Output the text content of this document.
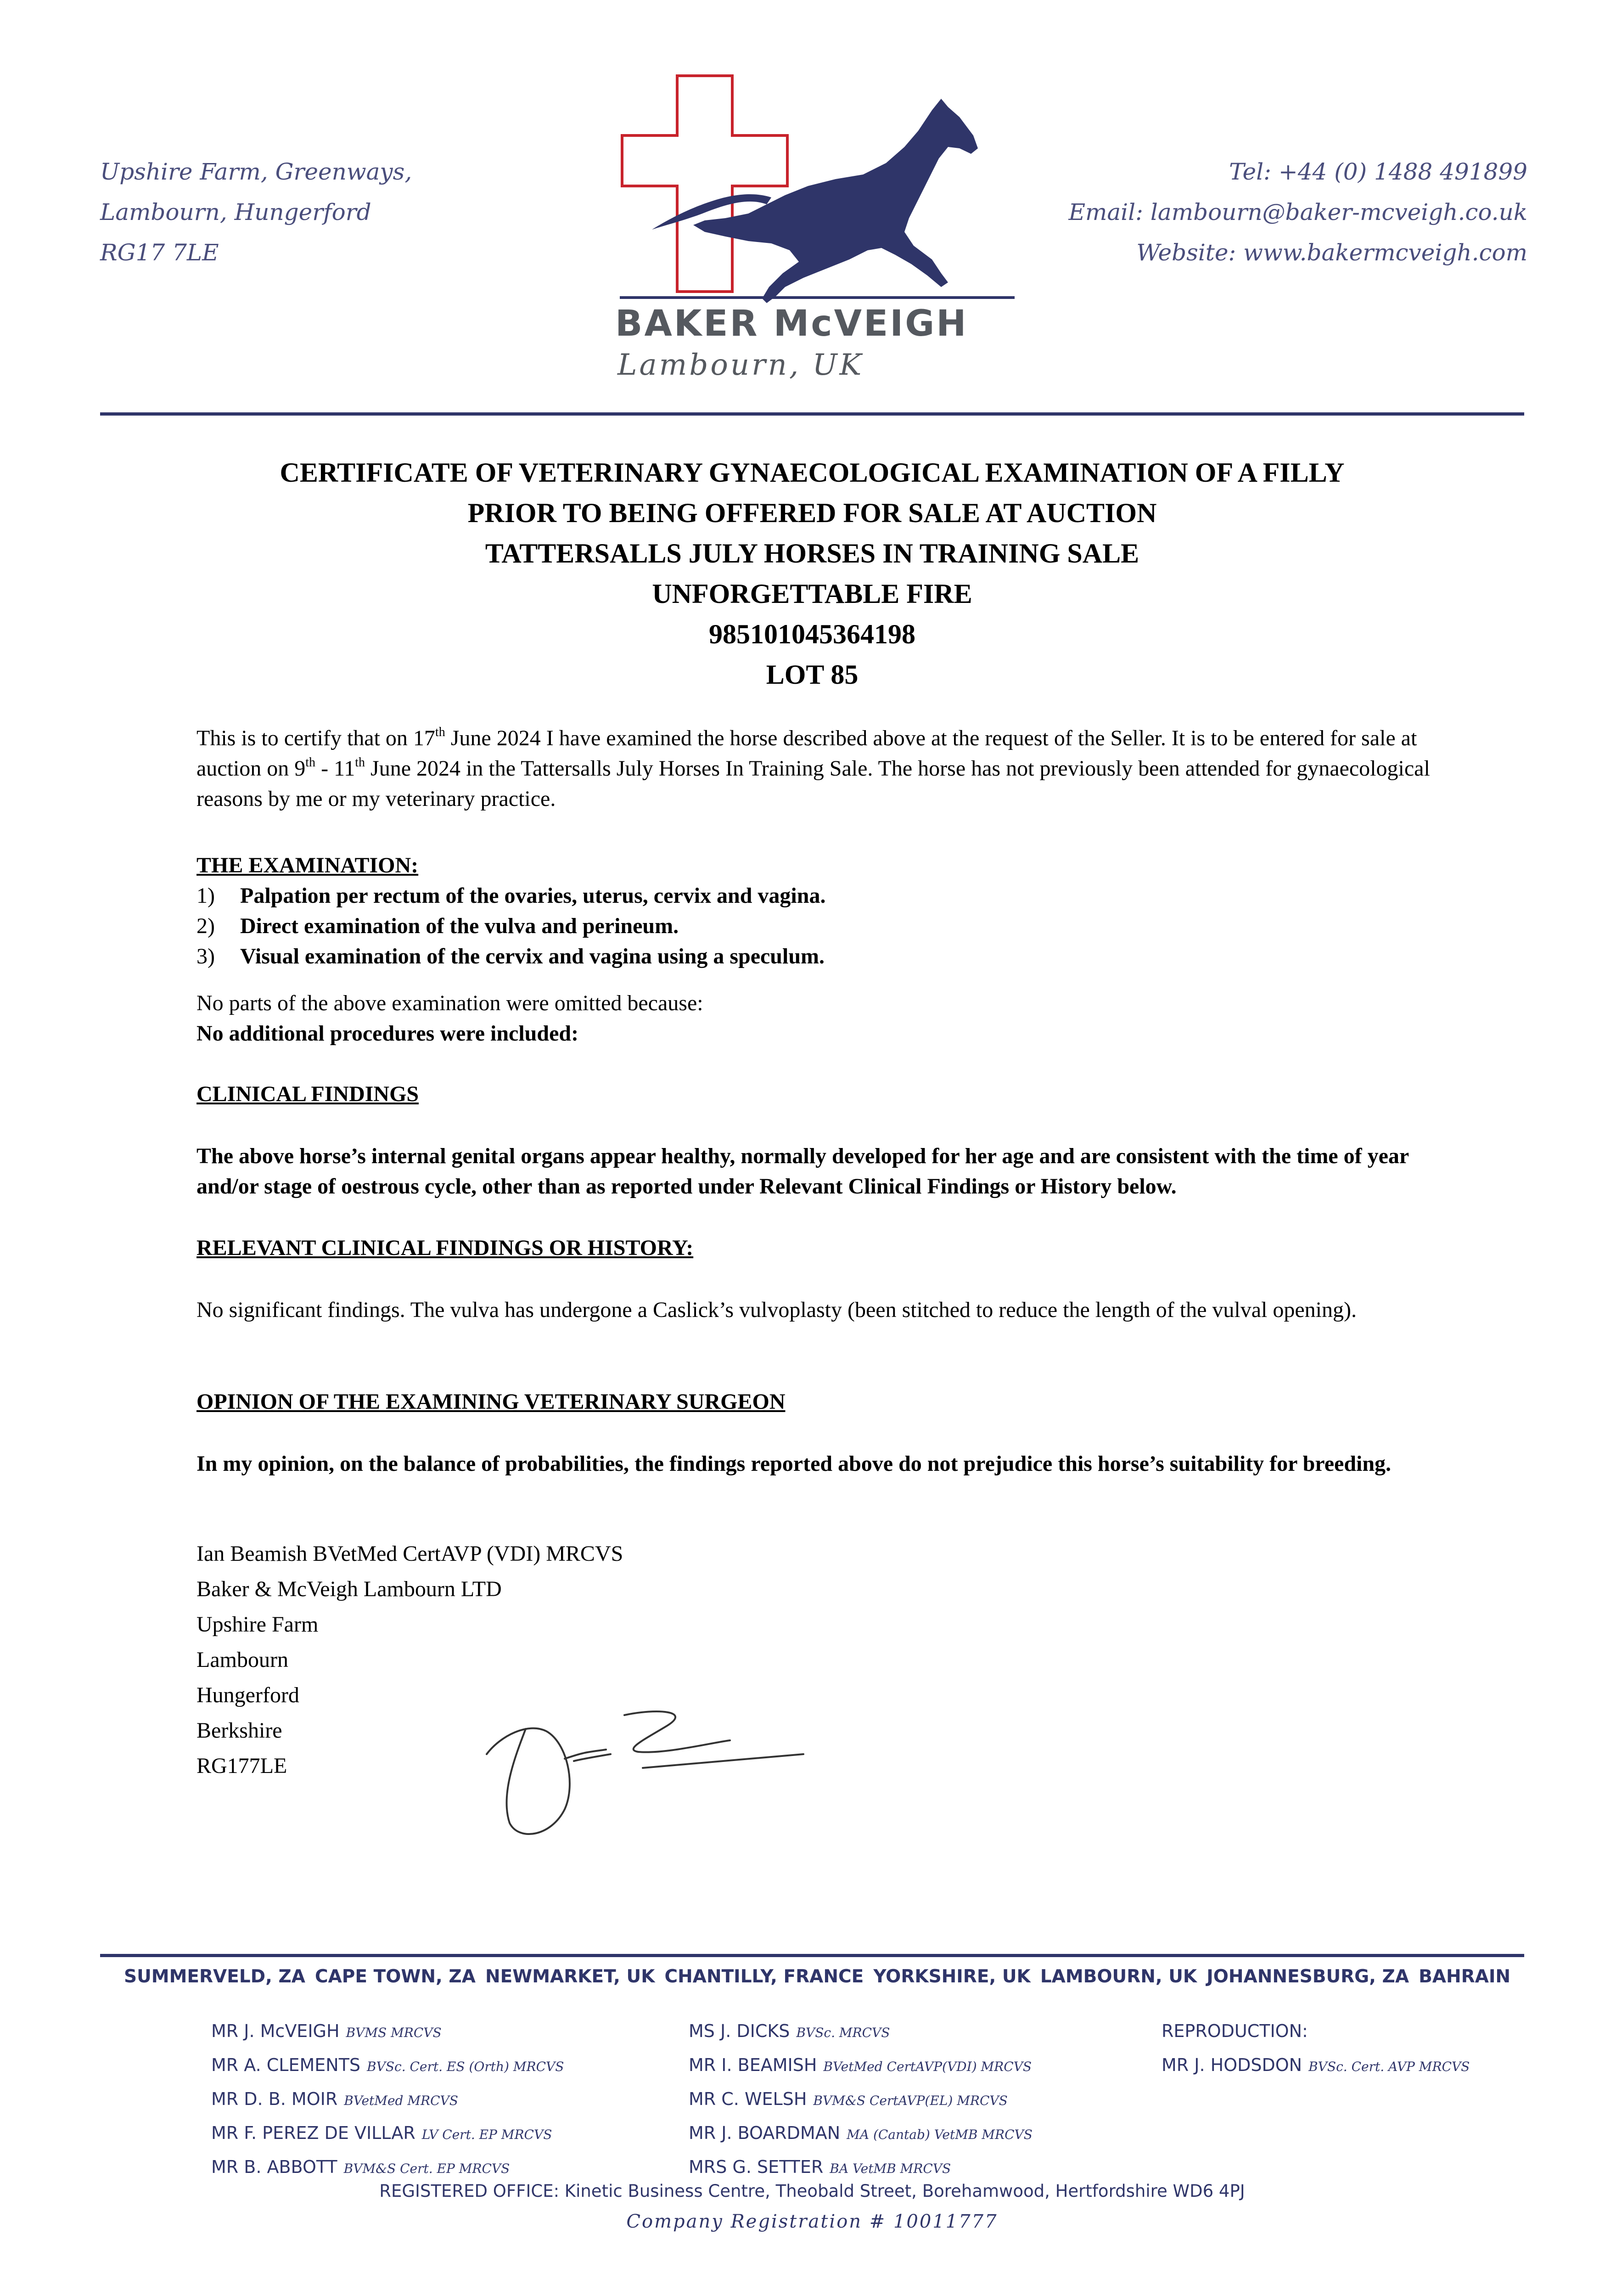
Upshire Farm, Greenways,
Lambourn, Hungerford
RG17 7LE
Tel: +44 (0) 1488 491899
Email: lambourn@baker-mcveigh.co.uk
Website: www.bakermcveigh.com
BAKER McVEIGH
Lambourn, UK
CERTIFICATE OF VETERINARY GYNAECOLOGICAL EXAMINATION OF A FILLY
PRIOR TO BEING OFFERED FOR SALE AT AUCTION
TATTERSALLS JULY HORSES IN TRAINING SALE
UNFORGETTABLE FIRE
985101045364198
LOT 85
This is to certify that on 17th June 2024 I have examined the horse described above at the request of the Seller. It is to be entered for sale at auction on 9th - 11th June 2024 in the Tattersalls July Horses In Training Sale. The horse has not previously been attended for gynaecological reasons by me or my veterinary practice.
THE EXAMINATION:
1)	Palpation per rectum of the ovaries, uterus, cervix and vagina.
2)	Direct examination of the vulva and perineum.
3)	Visual examination of the cervix and vagina using a speculum.
No parts of the above examination were omitted because:
No additional procedures were included:
CLINICAL FINDINGS
The above horse’s internal genital organs appear healthy, normally developed for her age and are consistent with the time of year and/or stage of oestrous cycle, other than as reported under Relevant Clinical Findings or History below.
RELEVANT CLINICAL FINDINGS OR HISTORY:
No significant findings. The vulva has undergone a Caslick’s vulvoplasty (been stitched to reduce the length of the vulval opening).
OPINION OF THE EXAMINING VETERINARY SURGEON
In my opinion, on the balance of probabilities, the findings reported above do not prejudice this horse’s suitability for breeding.
Ian Beamish BVetMed CertAVP (VDI) MRCVS
Baker & McVeigh Lambourn LTD
Upshire Farm
Lambourn
Hungerford
Berkshire
RG177LE
SUMMERVELD, ZA CAPE TOWN, ZA NEWMARKET, UK CHANTILLY, FRANCE YORKSHIRE, UK LAMBOURN, UK JOHANNESBURG, ZA BAHRAIN
MR J. McVEIGH BVMS MRCVS
MR A. CLEMENTS BVSc. Cert. ES (Orth) MRCVS
MR D. B. MOIR BVetMed MRCVS
MR F. PEREZ DE VILLAR LV Cert. EP MRCVS
MR B. ABBOTT BVM&S Cert. EP MRCVS
MS J. DICKS BVSc. MRCVS
MR I. BEAMISH BVetMed CertAVP(VDI) MRCVS
MR C. WELSH BVM&S CertAVP(EL) MRCVS
MR J. BOARDMAN MA (Cantab) VetMB MRCVS
MRS G. SETTER BA VetMB MRCVS
REPRODUCTION:
MR J. HODSDON BVSc. Cert. AVP MRCVS
REGISTERED OFFICE: Kinetic Business Centre, Theobald Street, Borehamwood, Hertfordshire WD6 4PJ
Company Registration # 10011777
